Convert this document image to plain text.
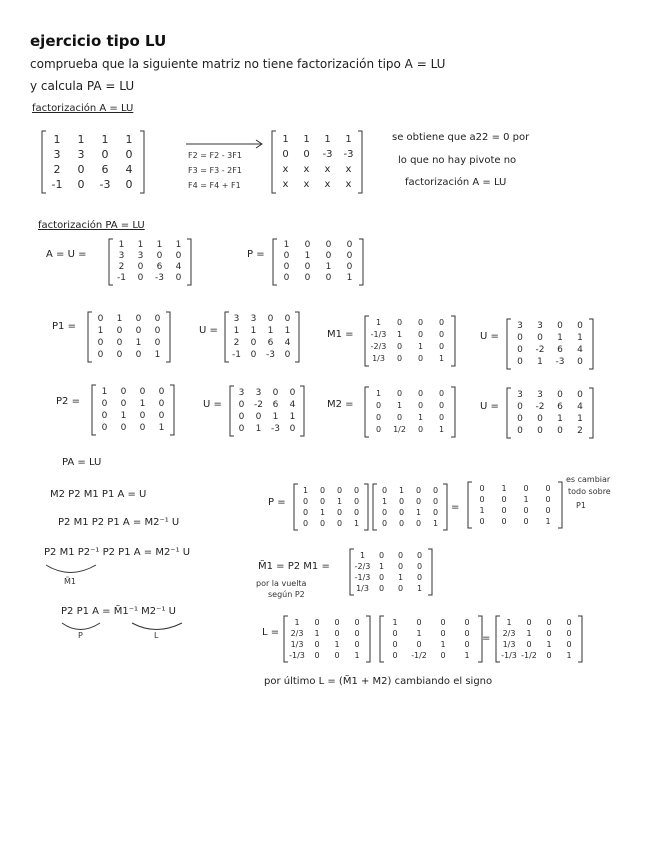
ejercicio tipo LU
comprueba que la siguiente matriz no tiene factorización tipo A = LU
y calcula PA = LU
factorización A = LU
1	1	1	1
3	3	0	0
2	0	6	4
-1	0	-3	0
F2 = F2 - 3F1
F3 = F3 - 2F1
F4 = F4 + F1
1	1	1	1
0	0	-3	-3
x	x	x	x
x	x	x	x
se obtiene que a22 = 0 por
lo que no hay pivote no
factorización A = LU
factorización PA = LU
A = U =
1	1	1	1
3	3	0	0
2	0	6	4
-1	0	-3	0
P =
1	0	0	0
0	1	0	0
0	0	1	0
0	0	0	1
P1 =
0	1	0	0
1	0	0	0
0	0	1	0
0	0	0	1
U =
3	3	0	0
1	1	1	1
2	0	6	4
-1	0	-3	0
M1 =
1	0	0	0
-1/3	1	0	0
-2/3	0	1	0
1/3	0	0	1
U =
3	3	0	0
0	0	1	1
0	-2	6	4
0	1	-3	0
P2 =
1	0	0	0
0	0	1	0
0	1	0	0
0	0	0	1
U =
3	3	0	0
0	-2	6	4
0	0	1	1
0	1	-3	0
M2 =
1	0	0	0
0	1	0	0
0	0	1	0
0	1/2	0	1
U =
3	3	0	0
0	-2	6	4
0	0	1	1
0	0	0	2
PA = LU
M2 P2 M1 P1 A = U
P2 M1 P2 P1 A = M2⁻¹ U
P2 M1 P2⁻¹ P2 P1 A = M2⁻¹ U
M̃1
P2 P1 A = M̃1⁻¹ M2⁻¹ U
P	L
P =
1	0	0	0
0	0	1	0
0	1	0	0
0	0	0	1
0	1	0	0
1	0	0	0
0	0	1	0
0	0	0	1
=
0	1	0	0
0	0	1	0
1	0	0	0
0	0	0	1
es cambiar
todo sobre
P1
M̃1 = P2 M1 =
por la vuelta
según P2
1	0	0	0
-2/3	1	0	0
-1/3	0	1	0
1/3	0	0	1
L =
1	0	0	0
2/3	1	0	0
1/3	0	1	0
-1/3	0	0	1
1	0	0	0
0	1	0	0
0	0	1	0
0	-1/2	0	1
=
1	0	0	0
2/3	1	0	0
1/3	0	1	0
-1/3	-1/2	0	1
por último L = (M̃1 + M2) cambiando el signo
